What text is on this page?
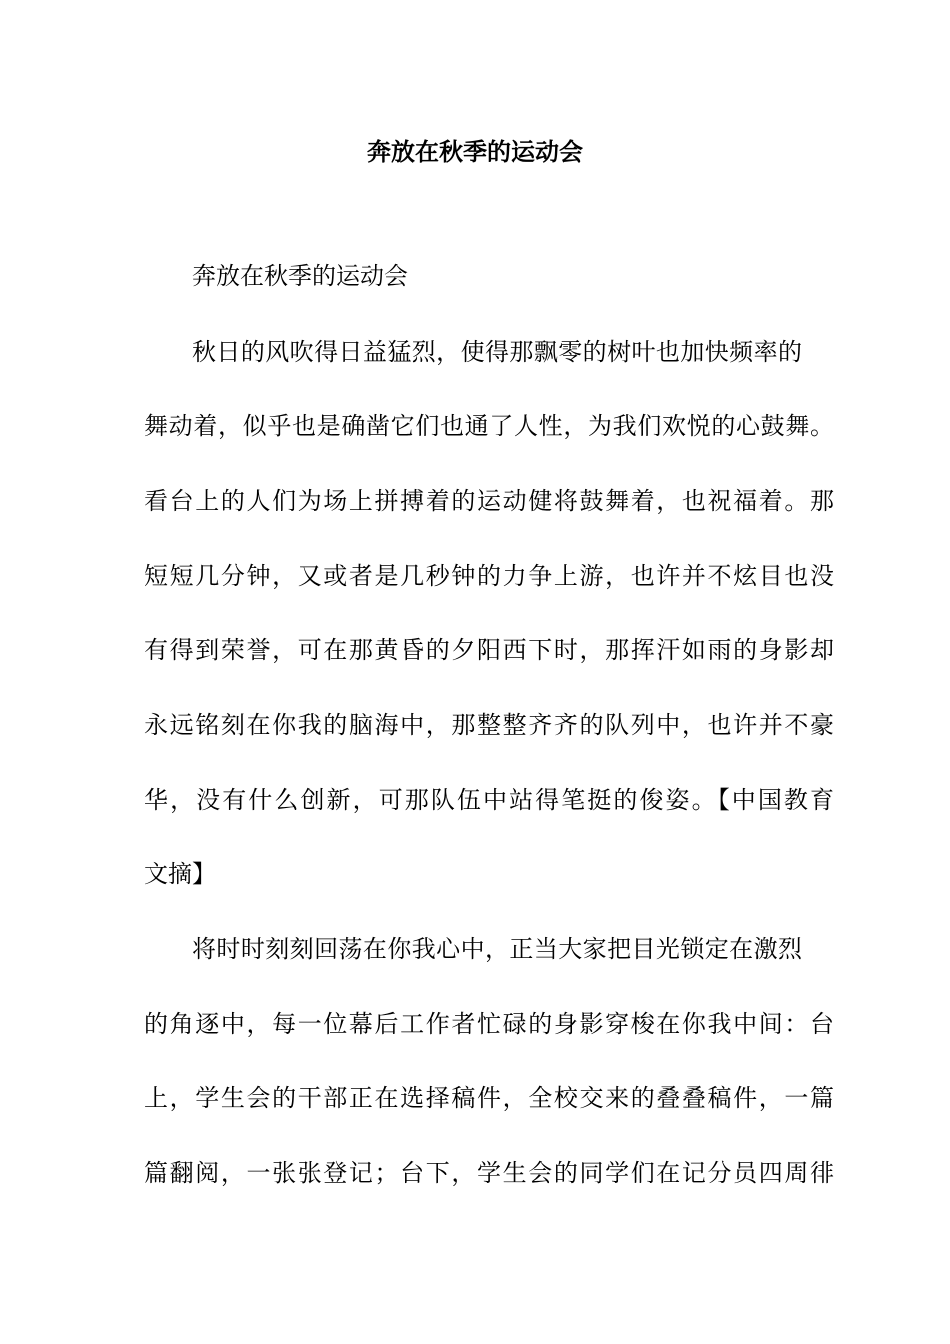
奔放在秋季的运动会
奔放在秋季的运动会
秋日的风吹得日益猛烈，使得那飘零的树叶也加快频率的
舞动着，似乎也是确凿它们也通了人性，为我们欢悦的心鼓舞。
看台上的人们为场上拼搏着的运动健将鼓舞着，也祝福着。那
短短几分钟，又或者是几秒钟的力争上游，也许并不炫目也没
有得到荣誉，可在那黄昏的夕阳西下时，那挥汗如雨的身影却
永远铭刻在你我的脑海中，那整整齐齐的队列中，也许并不豪
华，没有什么创新，可那队伍中站得笔挺的俊姿。【中国教育
文摘】
将时时刻刻回荡在你我心中，正当大家把目光锁定在激烈
的角逐中，每一位幕后工作者忙碌的身影穿梭在你我中间：台
上，学生会的干部正在选择稿件，全校交来的叠叠稿件，一篇
篇翻阅，一张张登记；台下，学生会的同学们在记分员四周徘
